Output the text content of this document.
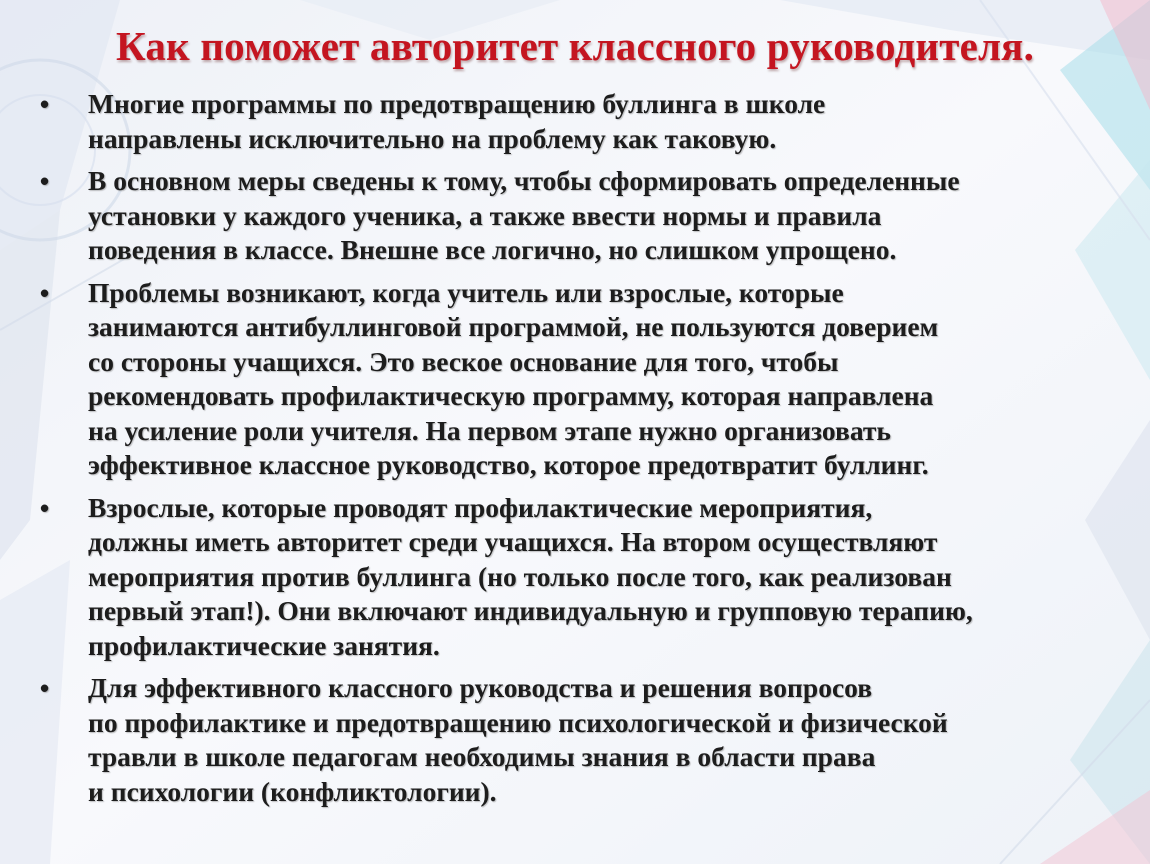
Как поможет авторитет классного руководителя.
•	Многие программы по предотвращению буллинга в школе
направлены исключительно на проблему как таковую.
•	В основном меры сведены к тому, чтобы сформировать определенные
установки у каждого ученика, а также ввести нормы и правила
поведения в классе. Внешне все логично, но слишком упрощено.
•	Проблемы возникают, когда учитель или взрослые, которые
занимаются антибуллинговой программой, не пользуются доверием
со стороны учащихся. Это веское основание для того, чтобы
рекомендовать профилактическую программу, которая направлена
на усиление роли учителя. На первом этапе нужно организовать
эффективное классное руководство, которое предотвратит буллинг.
•	Взрослые, которые проводят профилактические мероприятия,
должны иметь авторитет среди учащихся. На втором осуществляют
мероприятия против буллинга (но только после того, как реализован
первый этап!). Они включают индивидуальную и групповую терапию,
профилактические занятия.
•	Для эффективного классного руководства и решения вопросов
по профилактике и предотвращению психологической и физической
травли в школе педагогам необходимы знания в области права
и психологии (конфликтологии).
